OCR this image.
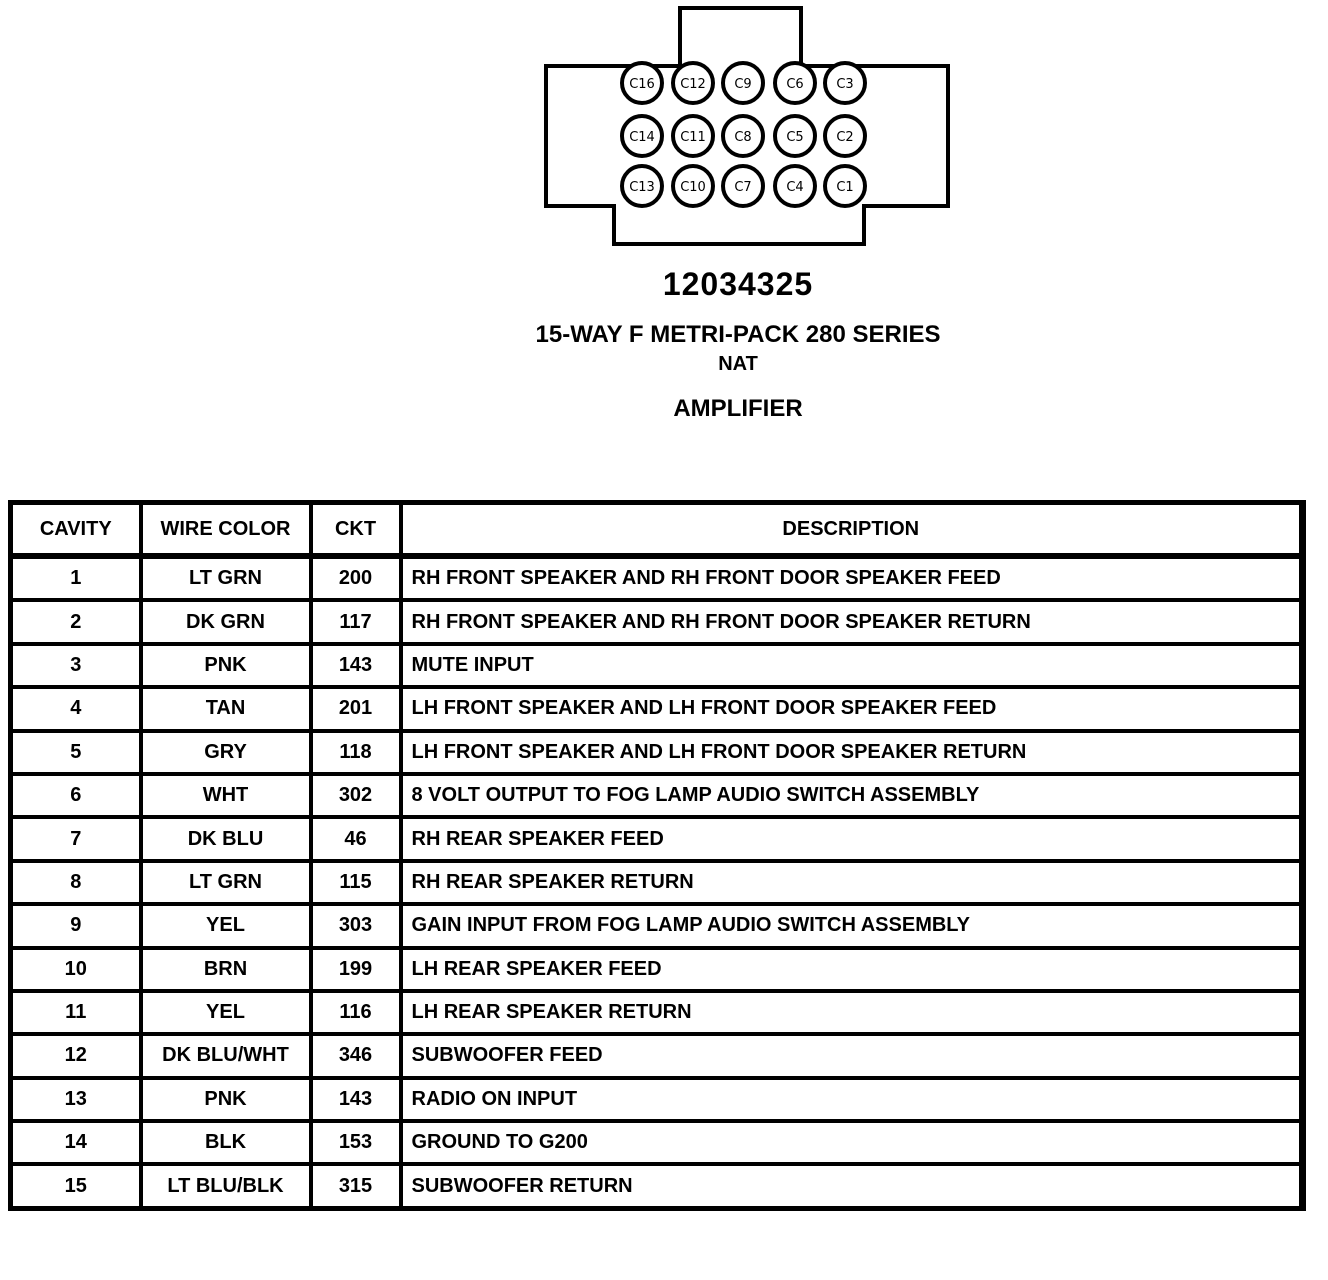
C16 C12 C9	C6	C3
C14 C11 C8	C5	C2
C13 C10 C7	C4	C1
12034325
15-WAY F METRI-PACK 280 SERIES
NAT
AMPLIFIER
CAVITY	WIRE COLOR	CKT	DESCRIPTION
1	LT GRN	200	RH FRONT SPEAKER AND RH FRONT DOOR SPEAKER FEED
2	DK GRN	117	RH FRONT SPEAKER AND RH FRONT DOOR SPEAKER RETURN
3	PNK	143	MUTE INPUT
4	TAN	201	LH FRONT SPEAKER AND LH FRONT DOOR SPEAKER FEED
5	GRY	118	LH FRONT SPEAKER AND LH FRONT DOOR SPEAKER RETURN
6	WHT	302	8 VOLT OUTPUT TO FOG LAMP AUDIO SWITCH ASSEMBLY
7	DK BLU	46	RH REAR SPEAKER FEED
8	LT GRN	115	RH REAR SPEAKER RETURN
9	YEL	303	GAIN INPUT FROM FOG LAMP AUDIO SWITCH ASSEMBLY
10	BRN	199	LH REAR SPEAKER FEED
11	YEL	116	LH REAR SPEAKER RETURN
12	DK BLU/WHT	346	SUBWOOFER FEED
13	PNK	143	RADIO ON INPUT
14	BLK	153	GROUND TO G200
15	LT BLU/BLK	315	SUBWOOFER RETURN
